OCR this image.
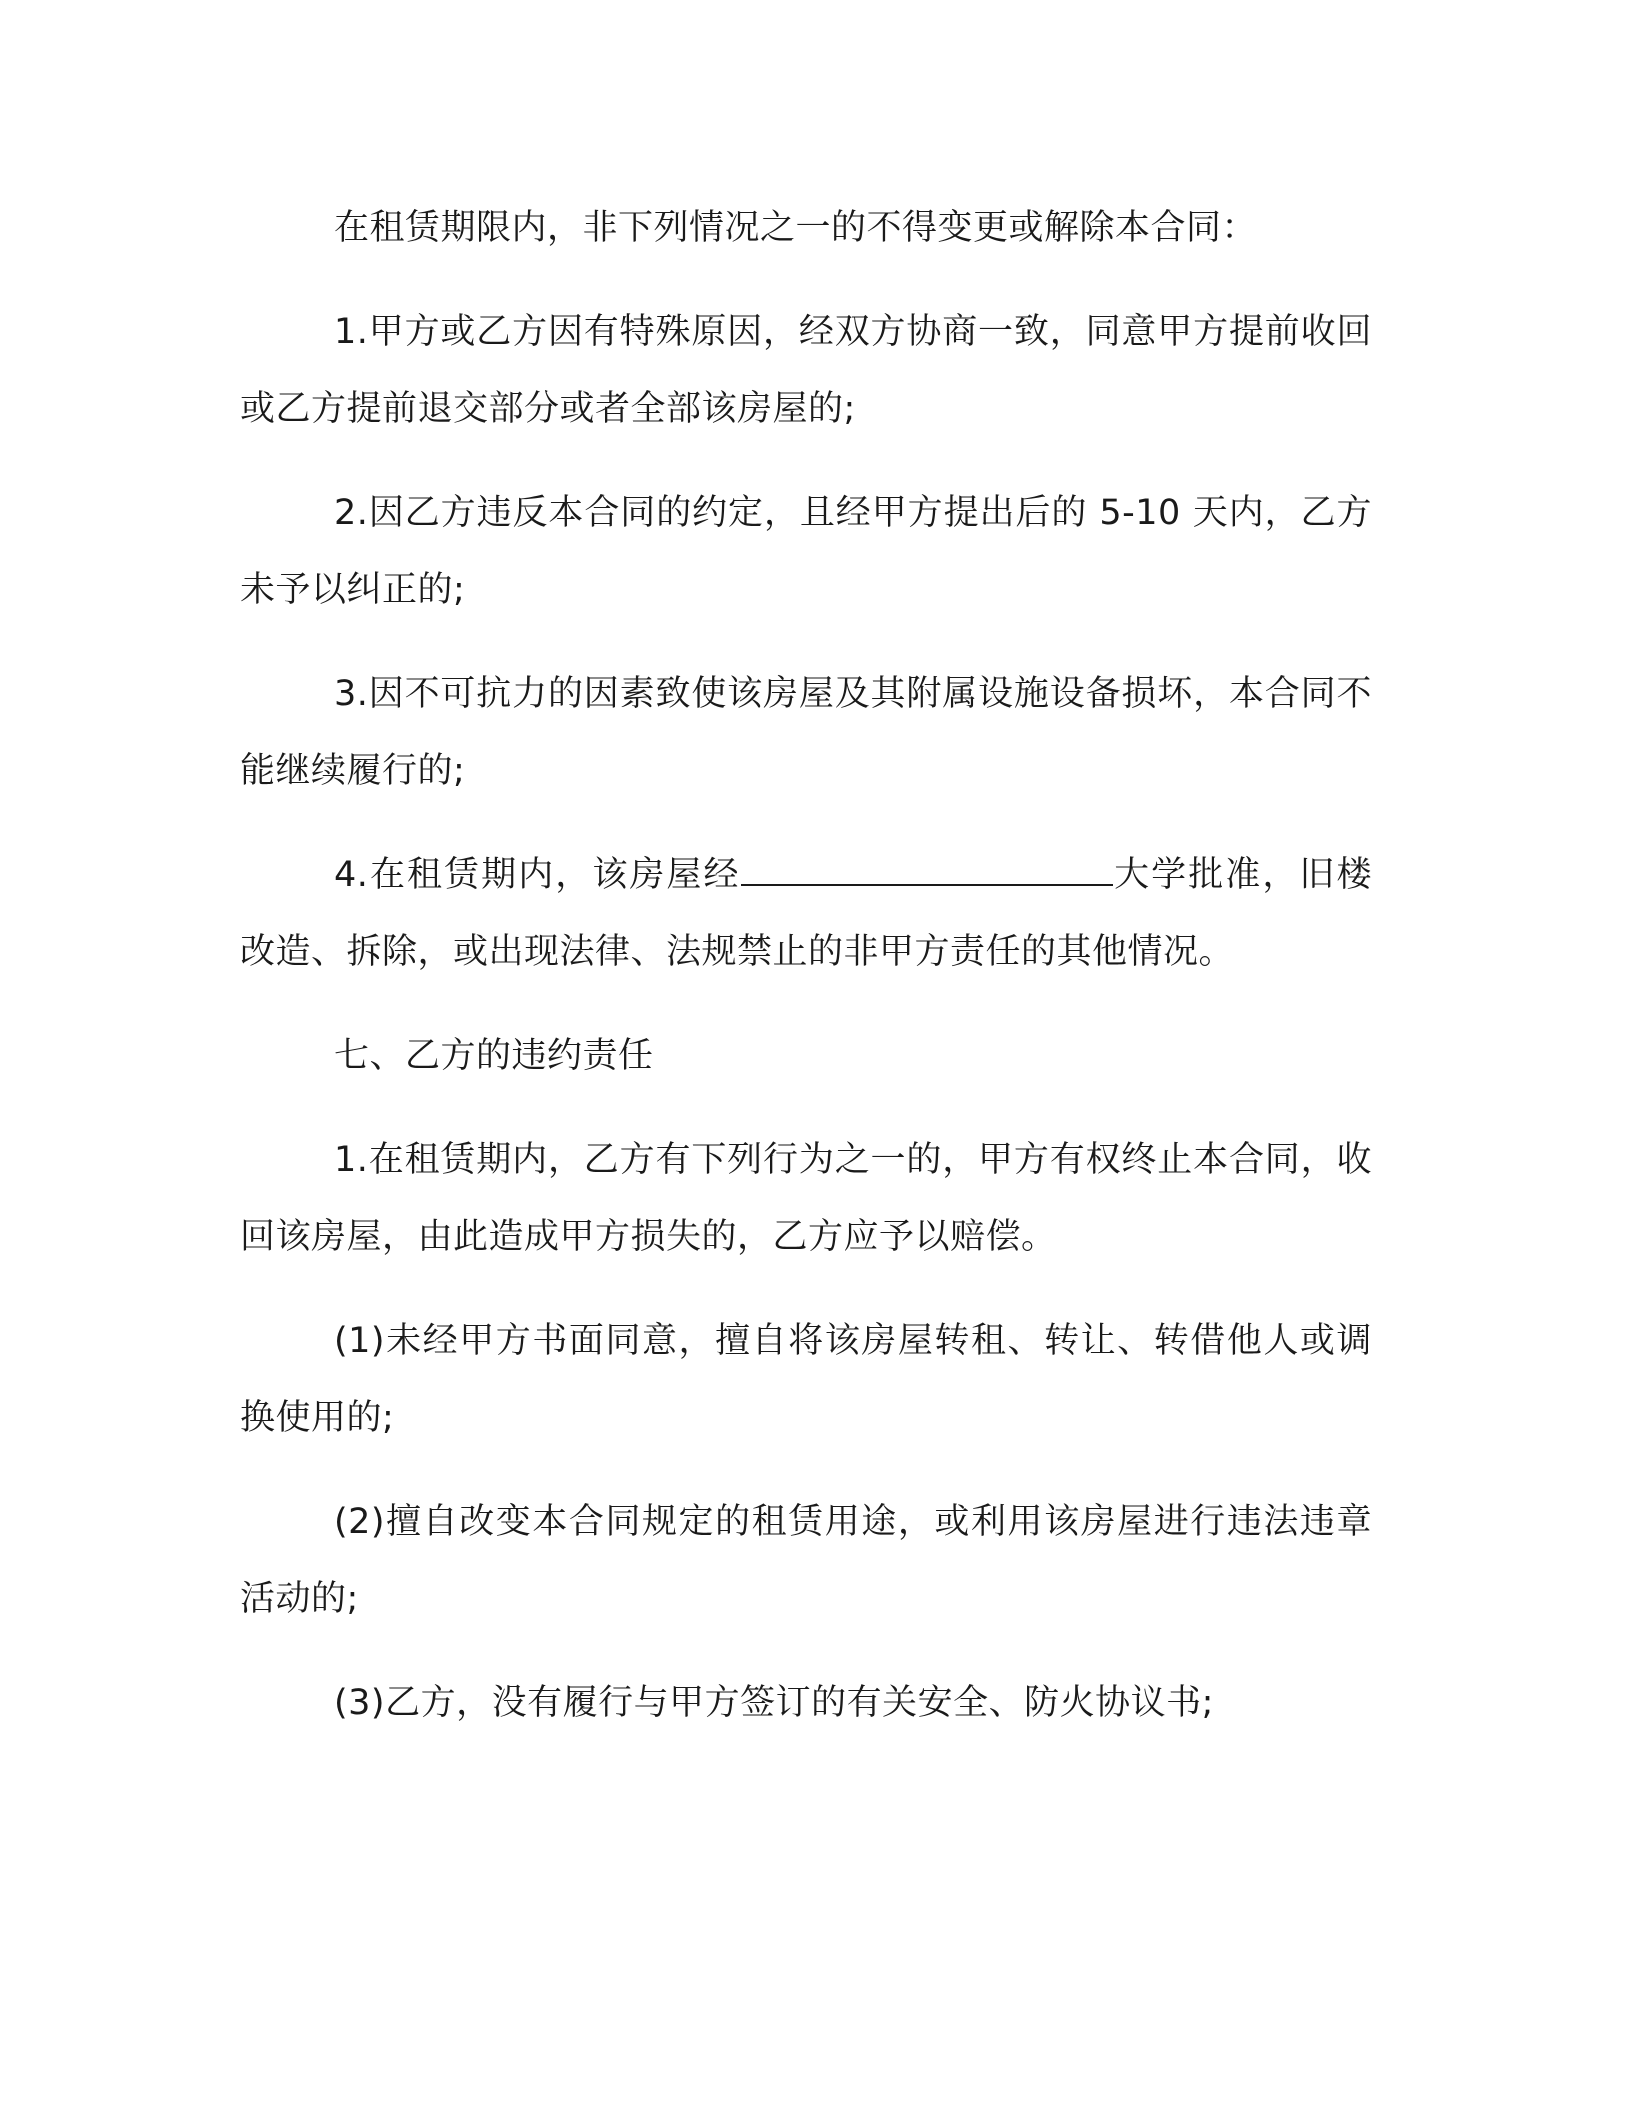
在租赁期限内，非下列情况之一的不得变更或解除本合同：

1.甲方或乙方因有特殊原因，经双方协商一致，同意甲方提前收回或乙方提前退交部分或者全部该房屋的;

2.因乙方违反本合同的约定，且经甲方提出后的 5-10 天内，乙方未予以纠正的;

3.因不可抗力的因素致使该房屋及其附属设施设备损坏，本合同不能继续履行的;

4.在租赁期内，该房屋经	大学批准，旧楼改造、拆除，或出现法律、法规禁止的非甲方责任的其他情况。

七、乙方的违约责任

1.在租赁期内，乙方有下列行为之一的，甲方有权终止本合同，收回该房屋，由此造成甲方损失的，乙方应予以赔偿。

(1)未经甲方书面同意，擅自将该房屋转租、转让、转借他人或调换使用的;

(2)擅自改变本合同规定的租赁用途，或利用该房屋进行违法违章活动的;

(3)乙方，没有履行与甲方签订的有关安全、防火协议书;
